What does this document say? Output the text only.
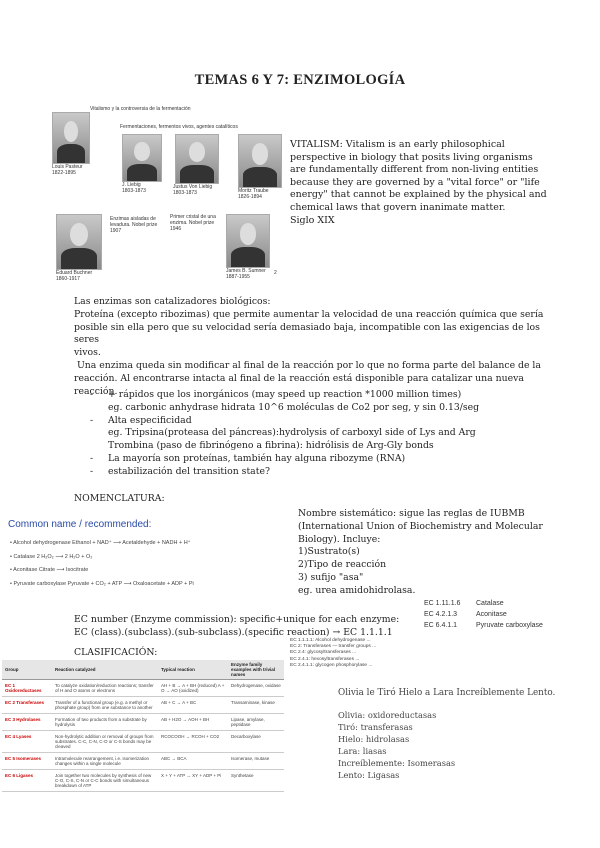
TEMAS 6 Y 7: ENZIMOLOGÍA
Vitalismo y la controversia de la fermentación
Fermentaciones, fermentos vivos, agentes catalíticos
Louis Pasteur
1822-1895
J. Liebig
1803-1873
Justus Von Liebig
1803-1873	Moritz Traube
1826-1894
Eduard Buchner
1860-1917
Enzimas aisladas de levadura. Nobel prize 1907
Primer cristal de una enzima. Nobel prize 1946
James B. Sumner
1887-1955
2
VITALISM: Vitalism is an early philosophical
perspective in biology that posits living organisms
are fundamentally different from non-living entities
because they are governed by a "vital force" or "life
energy" that cannot be explained by the physical and
chemical laws that govern inanimate matter.
Siglo XIX
Las enzimas son catalizadores biológicos:
Proteína (excepto ribozimas) que permite aumentar la velocidad de una reacción química que sería
posible sin ella pero que su velocidad sería demasiado baja, incompatible con las exigencias de los seres
vivos.
Una enzima queda sin modificar al final de la reacción por lo que no forma parte del balance de la
reacción. Al encontrarse intacta al final de la reacción está disponible para catalizar una nueva
reacción.
- + rápidos que los inorgánicos (may speed up reaction *1000 million times)
eg. carbonic anhydrase hidrata 10^6 moléculas de Co2 por seg, y sin 0.13/seg
- Alta especificidad
eg. Tripsina(proteasa del páncreas):hydrolysis of carboxyl side of Lys and Arg
Trombina (paso de fibrinógeno a fibrina): hidrólisis de Arg-Gly bonds
- La mayoría son proteínas, también hay alguna ribozyme (RNA)
- estabilización del transition state?
NOMENCLATURA:
Common name / recommended:
• Alcohol dehydrogenase Ethanol + NAD⁺ ⟶ Acetaldehyde + NADH + H⁺
• Catalase 2 H₂O₂ ⟶ 2 H₂O + O₂
• Aconitase Citrate ⟶ Isocitrate
• Pyruvate carboxylase Pyruvate + CO₂ + ATP ⟶ Oxaloacetate + ADP + Pi
Nombre sistemático: sigue las reglas de IUBMB
(International Union of Biochemistry and Molecular
Biology). Incluye:
1)Sustrato(s)
2)Tipo de reacción
3) sufijo "asa"
eg. urea amidohidrolasa.
EC 1.11.1.6 Catalase
EC 4.2.1.3	Aconitase
EC 6.4.1.1	Pyruvate carboxylase
EC number (Enzyme commission): specific+unique for each enzyme:
EC (class).(subclass).(sub-subclass).(specific reaction) → EC 1.1.1.1
CLASIFICACIÓN:
Group	Reaction catalyzed	Typical reaction	Enzyme family examples with trivial names
EC 1 Oxidoreductases	To catalyze oxidation/reduction reactions; transfer of H and O atoms or electrons	AH + B → A + BH (reduced) A + O → AO (oxidized)	Dehydrogenase, oxidase
EC 2 Transferases	Transfer of a functional group (e.g. a methyl or phosphate group) from one substance to another	AB + C → A + BC	Transaminase, kinase
EC 3 Hydrolases	Formation of two products from a substrate by hydrolysis	AB + H2O → AOH + BH	Lipase, amylase, peptidase
EC 4 Lyases	Non-hydrolytic addition or removal of groups from substrates. C-C, C-N, C-O or C-S bonds may be cleaved	RCOCOOH → RCOH + CO2	Decarboxylase
EC 5 Isomerases	Intramolecule rearrangement, i.e. isomerization changes within a single molecule	ABC → BCA	Isomerase, mutase
EC 6 Ligases	Join together two molecules by synthesis of new C-O, C-S, C-N or C-C bonds with simultaneous breakdown of ATP	X + Y + ATP → XY + ADP + Pi	Synthetase
EC 1.1.1.1: Alcohol dehydrogenase ...
EC 2: Transferases — transfer groups ...
EC 2.4: glycosyltransferases ...
EC 2.4.1: hexosyltransferases ...
EC 2.4.1.1: glycogen phosphorylase ...
Olivia le Tiró Hielo a Lara Increíblemente Lento.
Olivia: oxidoreductasas
Tiró: transferasas
Hielo: hidrolasas
Lara: liasas
Increíblemente: Isomerasas
Lento: Ligasas
